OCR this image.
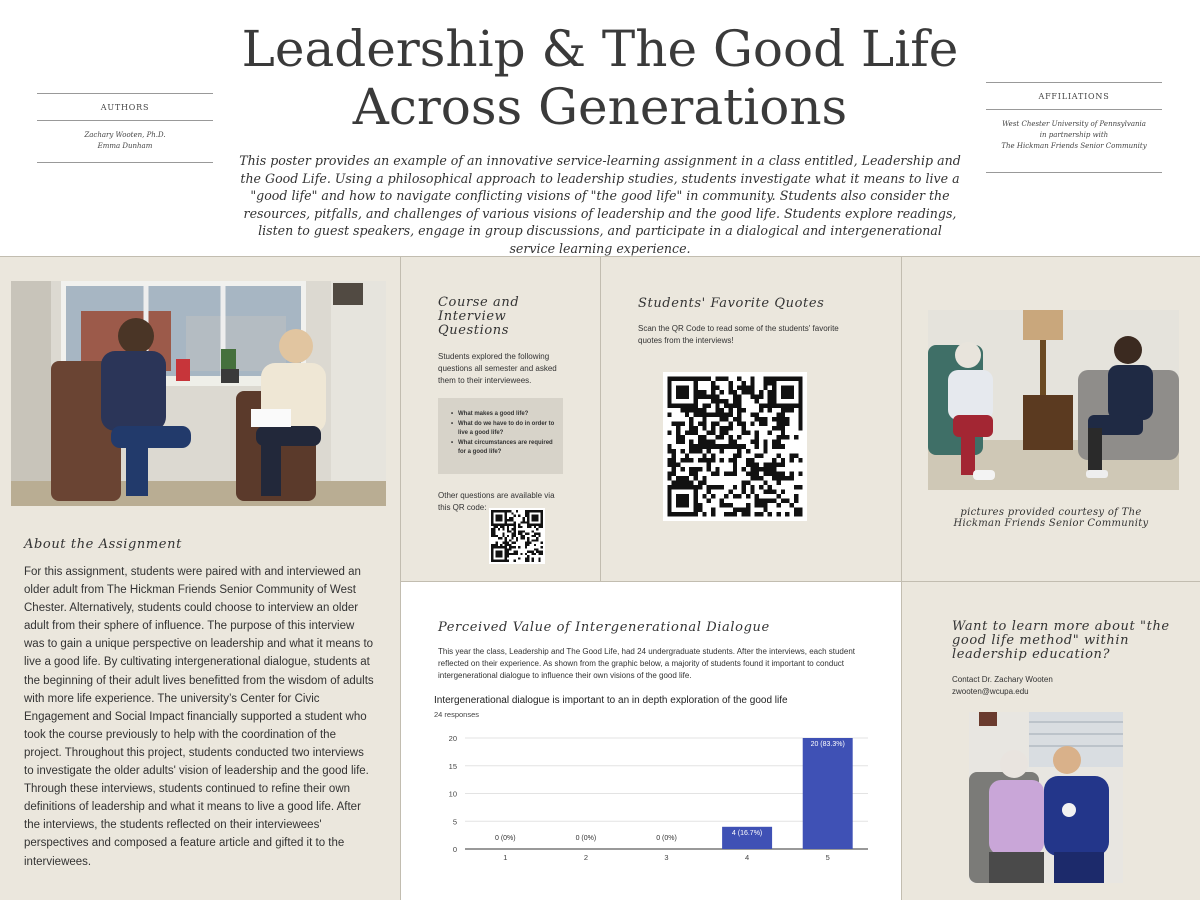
Leadership & The Good Life
Across Generations

This poster provides an example of an innovative service-learning assignment in a class entitled, Leadership and the Good Life. Using a philosophical approach to leadership studies, students investigate what it means to live a "good life" and how to navigate conflicting visions of "the good life" in community. Students also consider the resources, pitfalls, and challenges of various visions of leadership and the good life. Students explore readings, listen to guest speakers, engage in group discussions, and participate in a dialogical and intergenerational service learning experience.

AUTHORS
Zachary Wooten, Ph.D.
Emma Dunham
AFFILIATIONS
West Chester University of Pennsylvania
in partnership with
The Hickman Friends Senior Community
About the Assignment

For this assignment, students were paired with and interviewed an older adult from The Hickman Friends Senior Community of West Chester. Alternatively, students could choose to interview an older adult from their sphere of influence. The purpose of this interview was to gain a unique perspective on leadership and what it means to live a good life. By cultivating intergenerational dialogue, students at the beginning of their adult lives benefitted from the wisdom of adults with more life experience. The university’s Center for Civic Engagement and Social Impact financially supported a student who took the course previously to help with the coordination of the project. Throughout this project, students conducted two interviews to investigate the older adults' vision of leadership and the good life. Through these interviews, students continued to refine their own definitions of leadership and what it means to live a good life. After the interviews, the students reflected on their interviewees' perspectives and composed a feature article and gifted it to the interviewees.

Course and
Interview
Questions

Students explored the following questions all semester and asked them to their interviewees.

• What makes a good life?
• What do we have to do in order to live a good life?
• What circumstances are required for a good life?

Other questions are available via this QR code:

Students' Favorite Quotes

Scan the QR Code to read some of the students' favorite quotes from the interviews!

pictures provided courtesy of The
Hickman Friends Senior Community

Perceived Value of Intergenerational Dialogue

This year the class, Leadership and The Good Life, had 24 undergraduate students. After the interviews, each student reflected on their experience. As shown from the graphic below, a majority of students found it important to conduct intergenerational dialogue to influence their own visions of the good life.

Intergenerational dialogue is important to an in depth exploration of the good life
24 responses
0
5
10
15
20
0 (0%)
1
0 (0%)
2
0 (0%)
3
4 (16.7%)
4
20 (83.3%)
5
Want to learn more about "the
good life method" within
leadership education?

Contact Dr. Zachary Wooten
zwooten@wcupa.edu
